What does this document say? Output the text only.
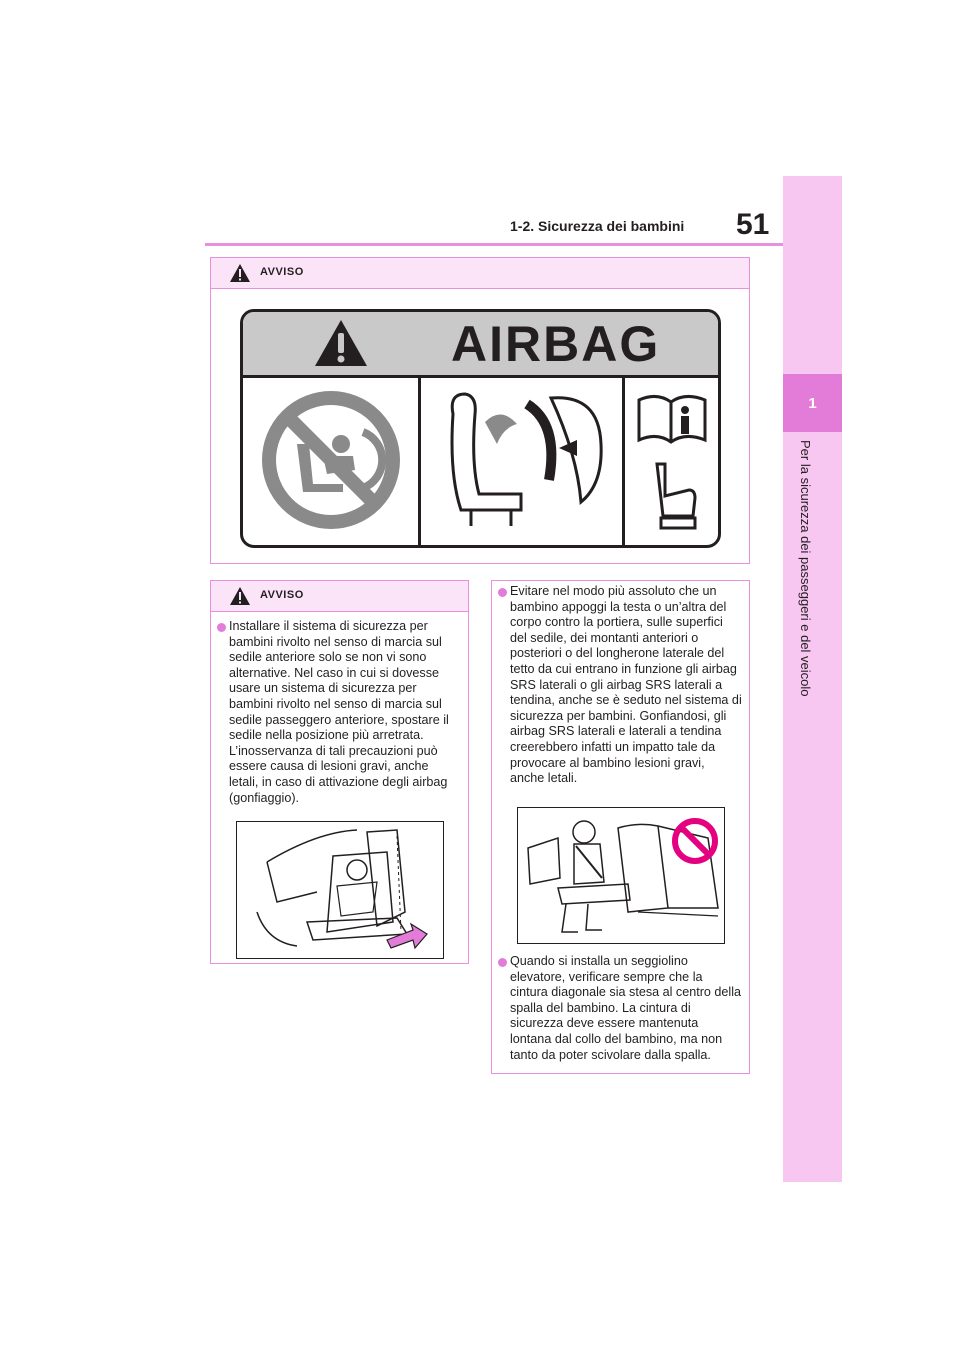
51
1-2. Sicurezza dei bambini
1
Per la sicurezza dei passeggeri e del veicolo
AVVISO
AIRBAG
AVVISO
Installare il sistema di sicurezza per bambini rivolto nel senso di marcia sul sedile anteriore solo se non vi sono alternative. Nel caso in cui si dovesse usare un sistema di sicurezza per bambini rivolto nel senso di marcia sul sedile passeggero anteriore, spostare il sedile nella posizione più arretrata. L’inosservanza di tali precauzioni può essere causa di lesioni gravi, anche letali, in caso di attivazione degli airbag (gonfiaggio).
Evitare nel modo più assoluto che un bambino appoggi la testa o un’altra del corpo contro la portiera, sulle superfici del sedile, dei montanti anteriori o posteriori o del longherone laterale del tetto da cui entrano in funzione gli airbag SRS laterali o gli airbag SRS laterali a tendina, anche se è seduto nel sistema di sicurezza per bambini. Gonfiandosi, gli airbag SRS laterali e laterali a tendina creerebbero infatti un impatto tale da provocare al bambino lesioni gravi, anche letali.
Quando si installa un seggiolino elevatore, verificare sempre che la cintura diagonale sia stesa al centro della spalla del bambino. La cintura di sicurezza deve essere mantenuta lontana dal collo del bambino, ma non tanto da poter scivolare dalla spalla.
